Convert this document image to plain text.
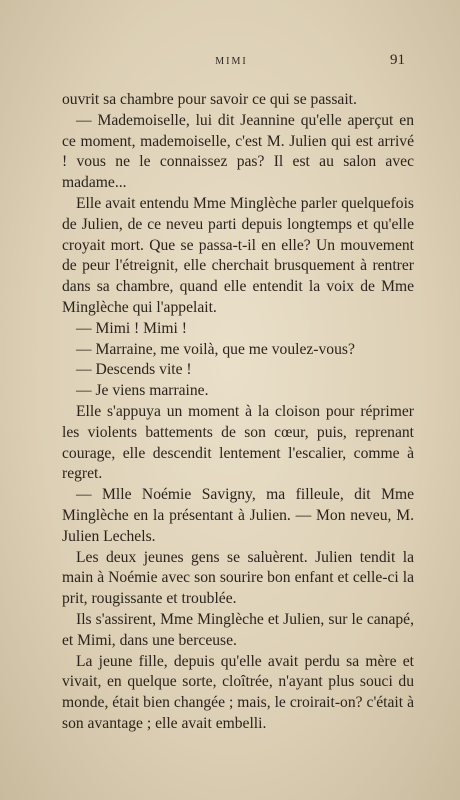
MIMI	91

ouvrit sa chambre pour savoir ce qui se passait.

— Mademoiselle, lui dit Jeannine qu'elle aperçut en ce moment, mademoiselle, c'est M. Julien qui est arrivé ! vous ne le connaissez pas? Il est au salon avec madame...

Elle avait entendu Mme Minglèche parler quelquefois de Julien, de ce neveu parti depuis longtemps et qu'elle croyait mort. Que se passa-t-il en elle? Un mouvement de peur l'étreignit, elle cherchait brusquement à rentrer dans sa chambre, quand elle entendit la voix de Mme Minglèche qui l'appelait.

— Mimi ! Mimi !

— Marraine, me voilà, que me voulez-vous?

— Descends vite !

— Je viens marraine.

Elle s'appuya un moment à la cloison pour réprimer les violents battements de son cœur, puis, reprenant courage, elle descendit lentement l'escalier, comme à regret.

— Mlle Noémie Savigny, ma filleule, dit Mme Minglèche en la présentant à Julien. — Mon neveu, M. Julien Lechels.

Les deux jeunes gens se saluèrent. Julien tendit la main à Noémie avec son sourire bon enfant et celle-ci la prit, rougissante et troublée.

Ils s'assirent, Mme Minglèche et Julien, sur le canapé, et Mimi, dans une berceuse.

La jeune fille, depuis qu'elle avait perdu sa mère et vivait, en quelque sorte, cloîtrée, n'ayant plus souci du monde, était bien changée ; mais, le croirait-on? c'était à son avantage ; elle avait embelli.
